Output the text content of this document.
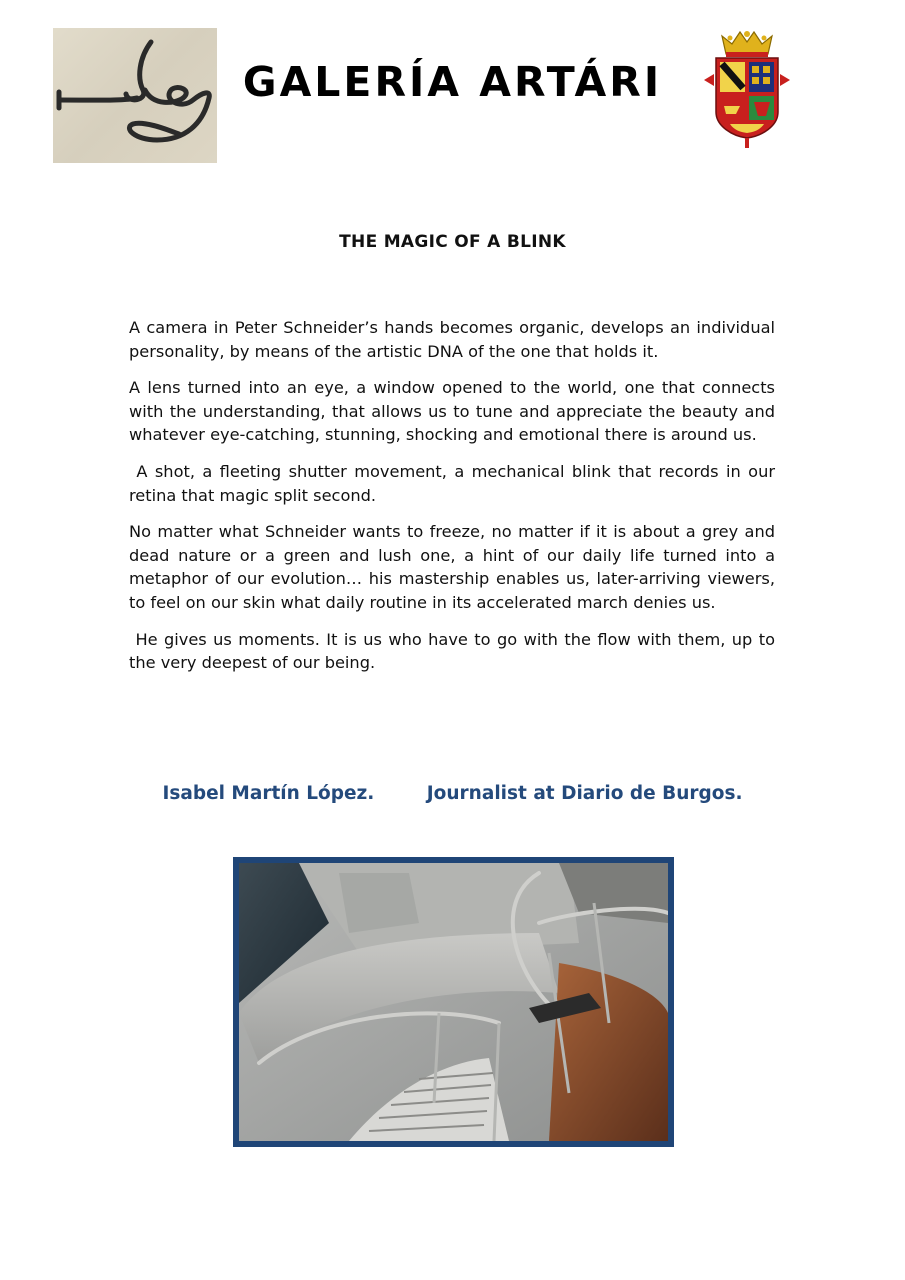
GALERÍA ARTÁRI
THE MAGIC OF A BLINK

A camera in Peter Schneider’s hands becomes organic, develops an individual personality, by means of the artistic DNA of the one that holds it.

A lens turned into an eye, a window opened to the world, one that connects with the understanding, that allows us to tune and appreciate the beauty and whatever eye-catching, stunning, shocking and emotional there is around us.

A shot, a fleeting shutter movement, a mechanical blink that records in our retina that magic split second.

No matter what Schneider wants to freeze, no matter if it is about a grey and dead nature or a green and lush one, a hint of our daily life turned into a metaphor of our evolution… his mastership enables us, later-arriving viewers, to feel on our skin what daily routine in its accelerated march denies us.

He gives us moments. It is us who have to go with the flow with them, up to the very deepest of our being.

Isabel Martín López.	Journalist at Diario de Burgos.
